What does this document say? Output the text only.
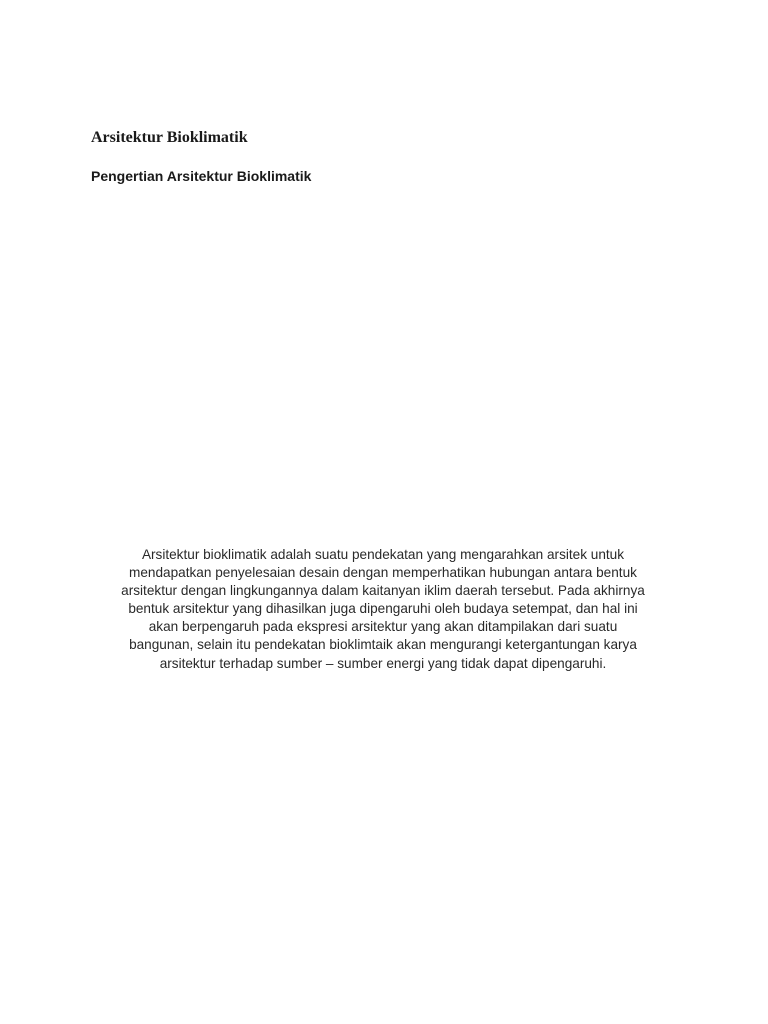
Arsitektur Bioklimatik
Pengertian Arsitektur Bioklimatik

Arsitektur bioklimatik adalah suatu pendekatan yang mengarahkan arsitek untuk
mendapatkan penyelesaian desain dengan memperhatikan hubungan antara bentuk
arsitektur dengan lingkungannya dalam kaitanyan iklim daerah tersebut. Pada akhirnya
bentuk arsitektur yang dihasilkan juga dipengaruhi oleh budaya setempat, dan hal ini
akan berpengaruh pada ekspresi arsitektur yang akan ditampilakan dari suatu
bangunan, selain itu pendekatan bioklimtaik akan mengurangi ketergantungan karya
arsitektur terhadap sumber – sumber energi yang tidak dapat dipengaruhi.
